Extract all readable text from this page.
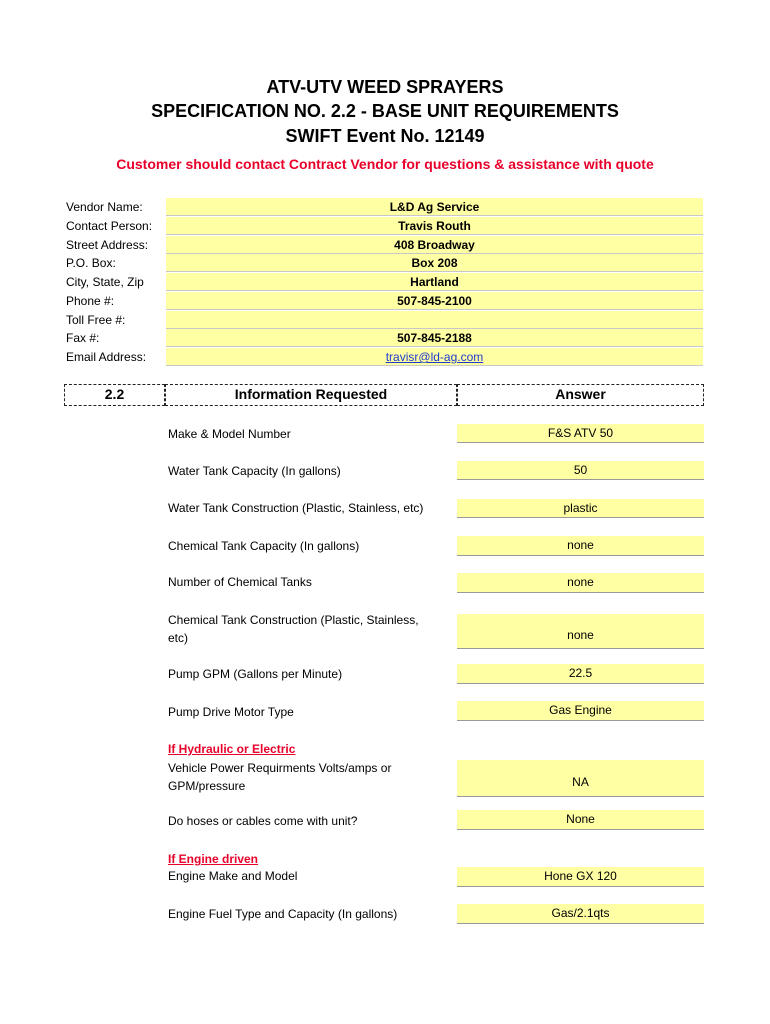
ATV-UTV WEED SPRAYERS
SPECIFICATION NO. 2.2 - BASE UNIT REQUIREMENTS
SWIFT Event No. 12149
Customer should contact Contract Vendor for questions & assistance with quote
Vendor Name:	L&D Ag Service
Contact Person:	Travis Routh
Street Address:	408 Broadway
P.O. Box:	Box 208
City, State, Zip	Hartland
Phone #:	507-845-2100
Toll Free #:
Fax #:	507-845-2188
Email Address:	travisr@ld-ag.com
2.2	Information Requested	Answer
Make & Model Number	F&S ATV 50
Water Tank Capacity (In gallons)	50
Water Tank Construction (Plastic, Stainless, etc)	plastic
Chemical Tank Capacity (In gallons)	none
Number of Chemical Tanks	none
Chemical Tank Construction (Plastic, Stainless, etc)	none
Pump GPM (Gallons per Minute)	22.5
Pump Drive Motor Type	Gas Engine
If Hydraulic or Electric
Vehicle Power Requirments Volts/amps or GPM/pressure	NA
Do hoses or cables come with unit?	None
If Engine driven
Engine Make and Model	Hone GX 120
Engine Fuel Type and Capacity (In gallons)	Gas/2.1qts
